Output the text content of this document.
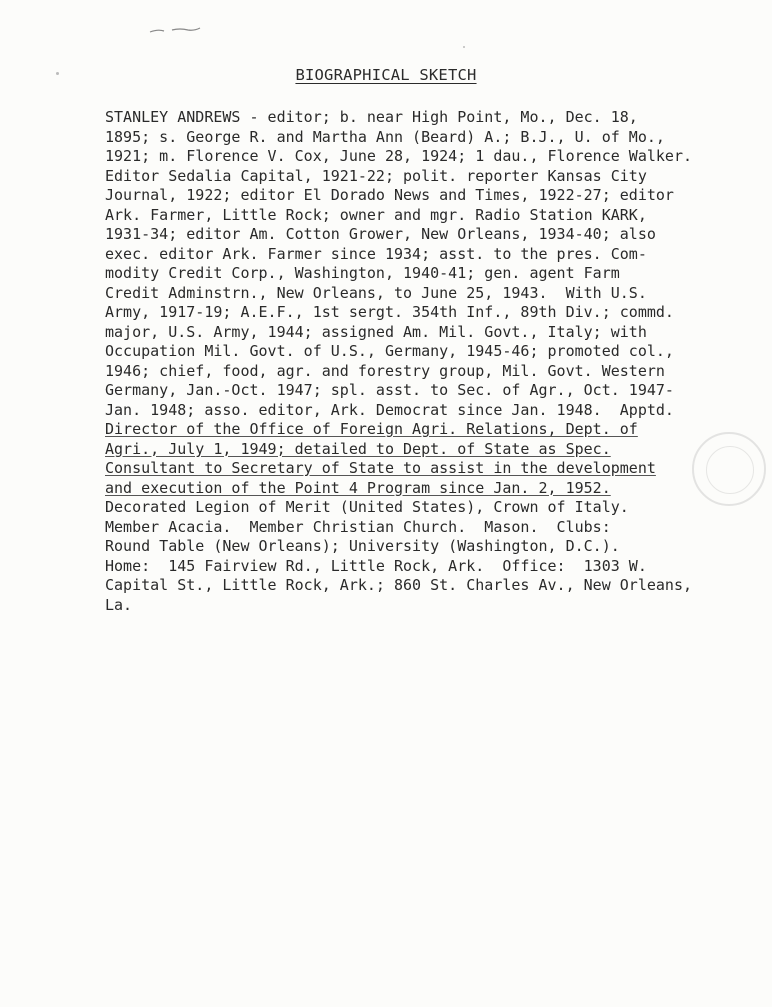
BIOGRAPHICAL SKETCH
STANLEY ANDREWS - editor; b. near High Point, Mo., Dec. 18,
1895; s. George R. and Martha Ann (Beard) A.; B.J., U. of Mo.,
1921; m. Florence V. Cox, June 28, 1924; 1 dau., Florence Walker.
Editor Sedalia Capital, 1921-22; polit. reporter Kansas City
Journal, 1922; editor El Dorado News and Times, 1922-27; editor
Ark. Farmer, Little Rock; owner and mgr. Radio Station KARK,
1931-34; editor Am. Cotton Grower, New Orleans, 1934-40; also
exec. editor Ark. Farmer since 1934; asst. to the pres. Com-
modity Credit Corp., Washington, 1940-41; gen. agent Farm
Credit Adminstrn., New Orleans, to June 25, 1943.  With U.S.
Army, 1917-19; A.E.F., 1st sergt. 354th Inf., 89th Div.; commd.
major, U.S. Army, 1944; assigned Am. Mil. Govt., Italy; with
Occupation Mil. Govt. of U.S., Germany, 1945-46; promoted col.,
1946; chief, food, agr. and forestry group, Mil. Govt. Western
Germany, Jan.-Oct. 1947; spl. asst. to Sec. of Agr., Oct. 1947-
Jan. 1948; asso. editor, Ark. Democrat since Jan. 1948.  Apptd.
Director of the Office of Foreign Agri. Relations, Dept. of
Agri., July 1, 1949; detailed to Dept. of State as Spec.
Consultant to Secretary of State to assist in the development
and execution of the Point 4 Program since Jan. 2, 1952.
Decorated Legion of Merit (United States), Crown of Italy.
Member Acacia.  Member Christian Church.  Mason.  Clubs:
Round Table (New Orleans); University (Washington, D.C.).
Home:  145 Fairview Rd., Little Rock, Ark.  Office:  1303 W.
Capital St., Little Rock, Ark.; 860 St. Charles Av., New Orleans,
La.
